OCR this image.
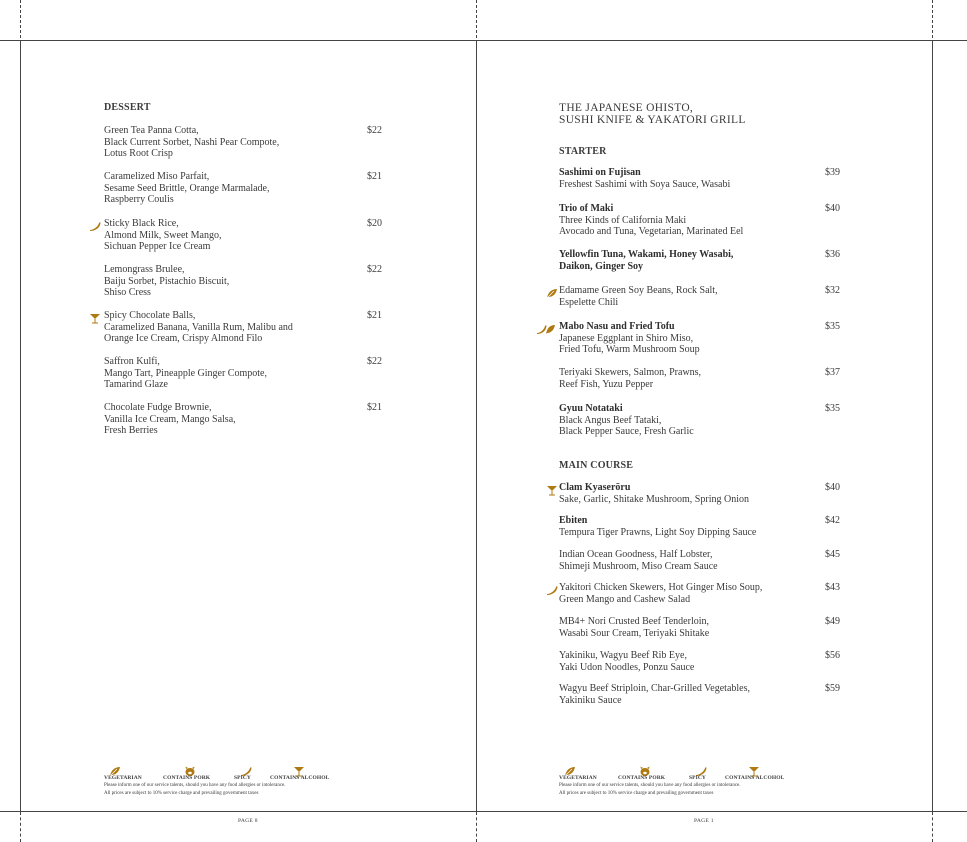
DESSERT
Green Tea Panna Cotta,
Black Current Sorbet, Nashi Pear Compote,
Lotus Root Crisp
$22
Caramelized Miso Parfait,
Sesame Seed Brittle, Orange Marmalade,
Raspberry Coulis
$21
Sticky Black Rice,
Almond Milk, Sweet Mango,
Sichuan Pepper Ice Cream
$20
Lemongrass Brulee,
Baiju Sorbet, Pistachio Biscuit,
Shiso Cress
$22
Spicy Chocolate Balls,
Caramelized Banana, Vanilla Rum, Malibu and
Orange Ice Cream, Crispy Almond Filo
$21
Saffron Kulfi,
Mango Tart, Pineapple Ginger Compote,
Tamarind Glaze
$22
Chocolate Fudge Brownie,
Vanilla Ice Cream, Mango Salsa,
Fresh Berries
$21
VEGETARIAN	CONTAINS PORK	SPICY	CONTAINS ALCOHOL
Please inform one of our service talents, should you have any food allergies or intolerance.
All prices are subject to 10% service charge and prevailing government taxes
PAGE 8
THE JAPANESE OHISTO,
SUSHI KNIFE & YAKATORI GRILL
STARTER
Sashimi on Fujisan
Freshest Sashimi with Soya Sauce, Wasabi
$39
Trio of Maki
Three Kinds of California Maki
Avocado and Tuna, Vegetarian, Marinated Eel
$40
Yellowfin Tuna, Wakami, Honey Wasabi,
Daikon, Ginger Soy
$36
Edamame Green Soy Beans, Rock Salt,
Espelette Chili
$32
Mabo Nasu and Fried Tofu
Japanese Eggplant in Shiro Miso,
Fried Tofu, Warm Mushroom Soup
$35
Teriyaki Skewers, Salmon, Prawns,
Reef Fish, Yuzu Pepper
$37
Gyuu Notataki
Black Angus Beef Tataki,
Black Pepper Sauce, Fresh Garlic
$35
MAIN COURSE
Clam Kyaserōru
Sake, Garlic, Shitake Mushroom, Spring Onion
$40
Ebiten
Tempura Tiger Prawns, Light Soy Dipping Sauce
$42
Indian Ocean Goodness, Half Lobster,
Shimeji Mushroom, Miso Cream Sauce
$45
Yakitori Chicken Skewers, Hot Ginger Miso Soup,
Green Mango and Cashew Salad
$43
MB4+ Nori Crusted Beef Tenderloin,
Wasabi Sour Cream, Teriyaki Shitake
$49
Yakiniku, Wagyu Beef Rib Eye,
Yaki Udon Noodles, Ponzu Sauce
$56
Wagyu Beef Striploin, Char-Grilled Vegetables,
Yakiniku Sauce
$59
VEGETARIAN	CONTAINS PORK	SPICY	CONTAINS ALCOHOL
Please inform one of our service talents, should you have any food allergies or intolerance.
All prices are subject to 10% service charge and prevailing government taxes
PAGE 1
